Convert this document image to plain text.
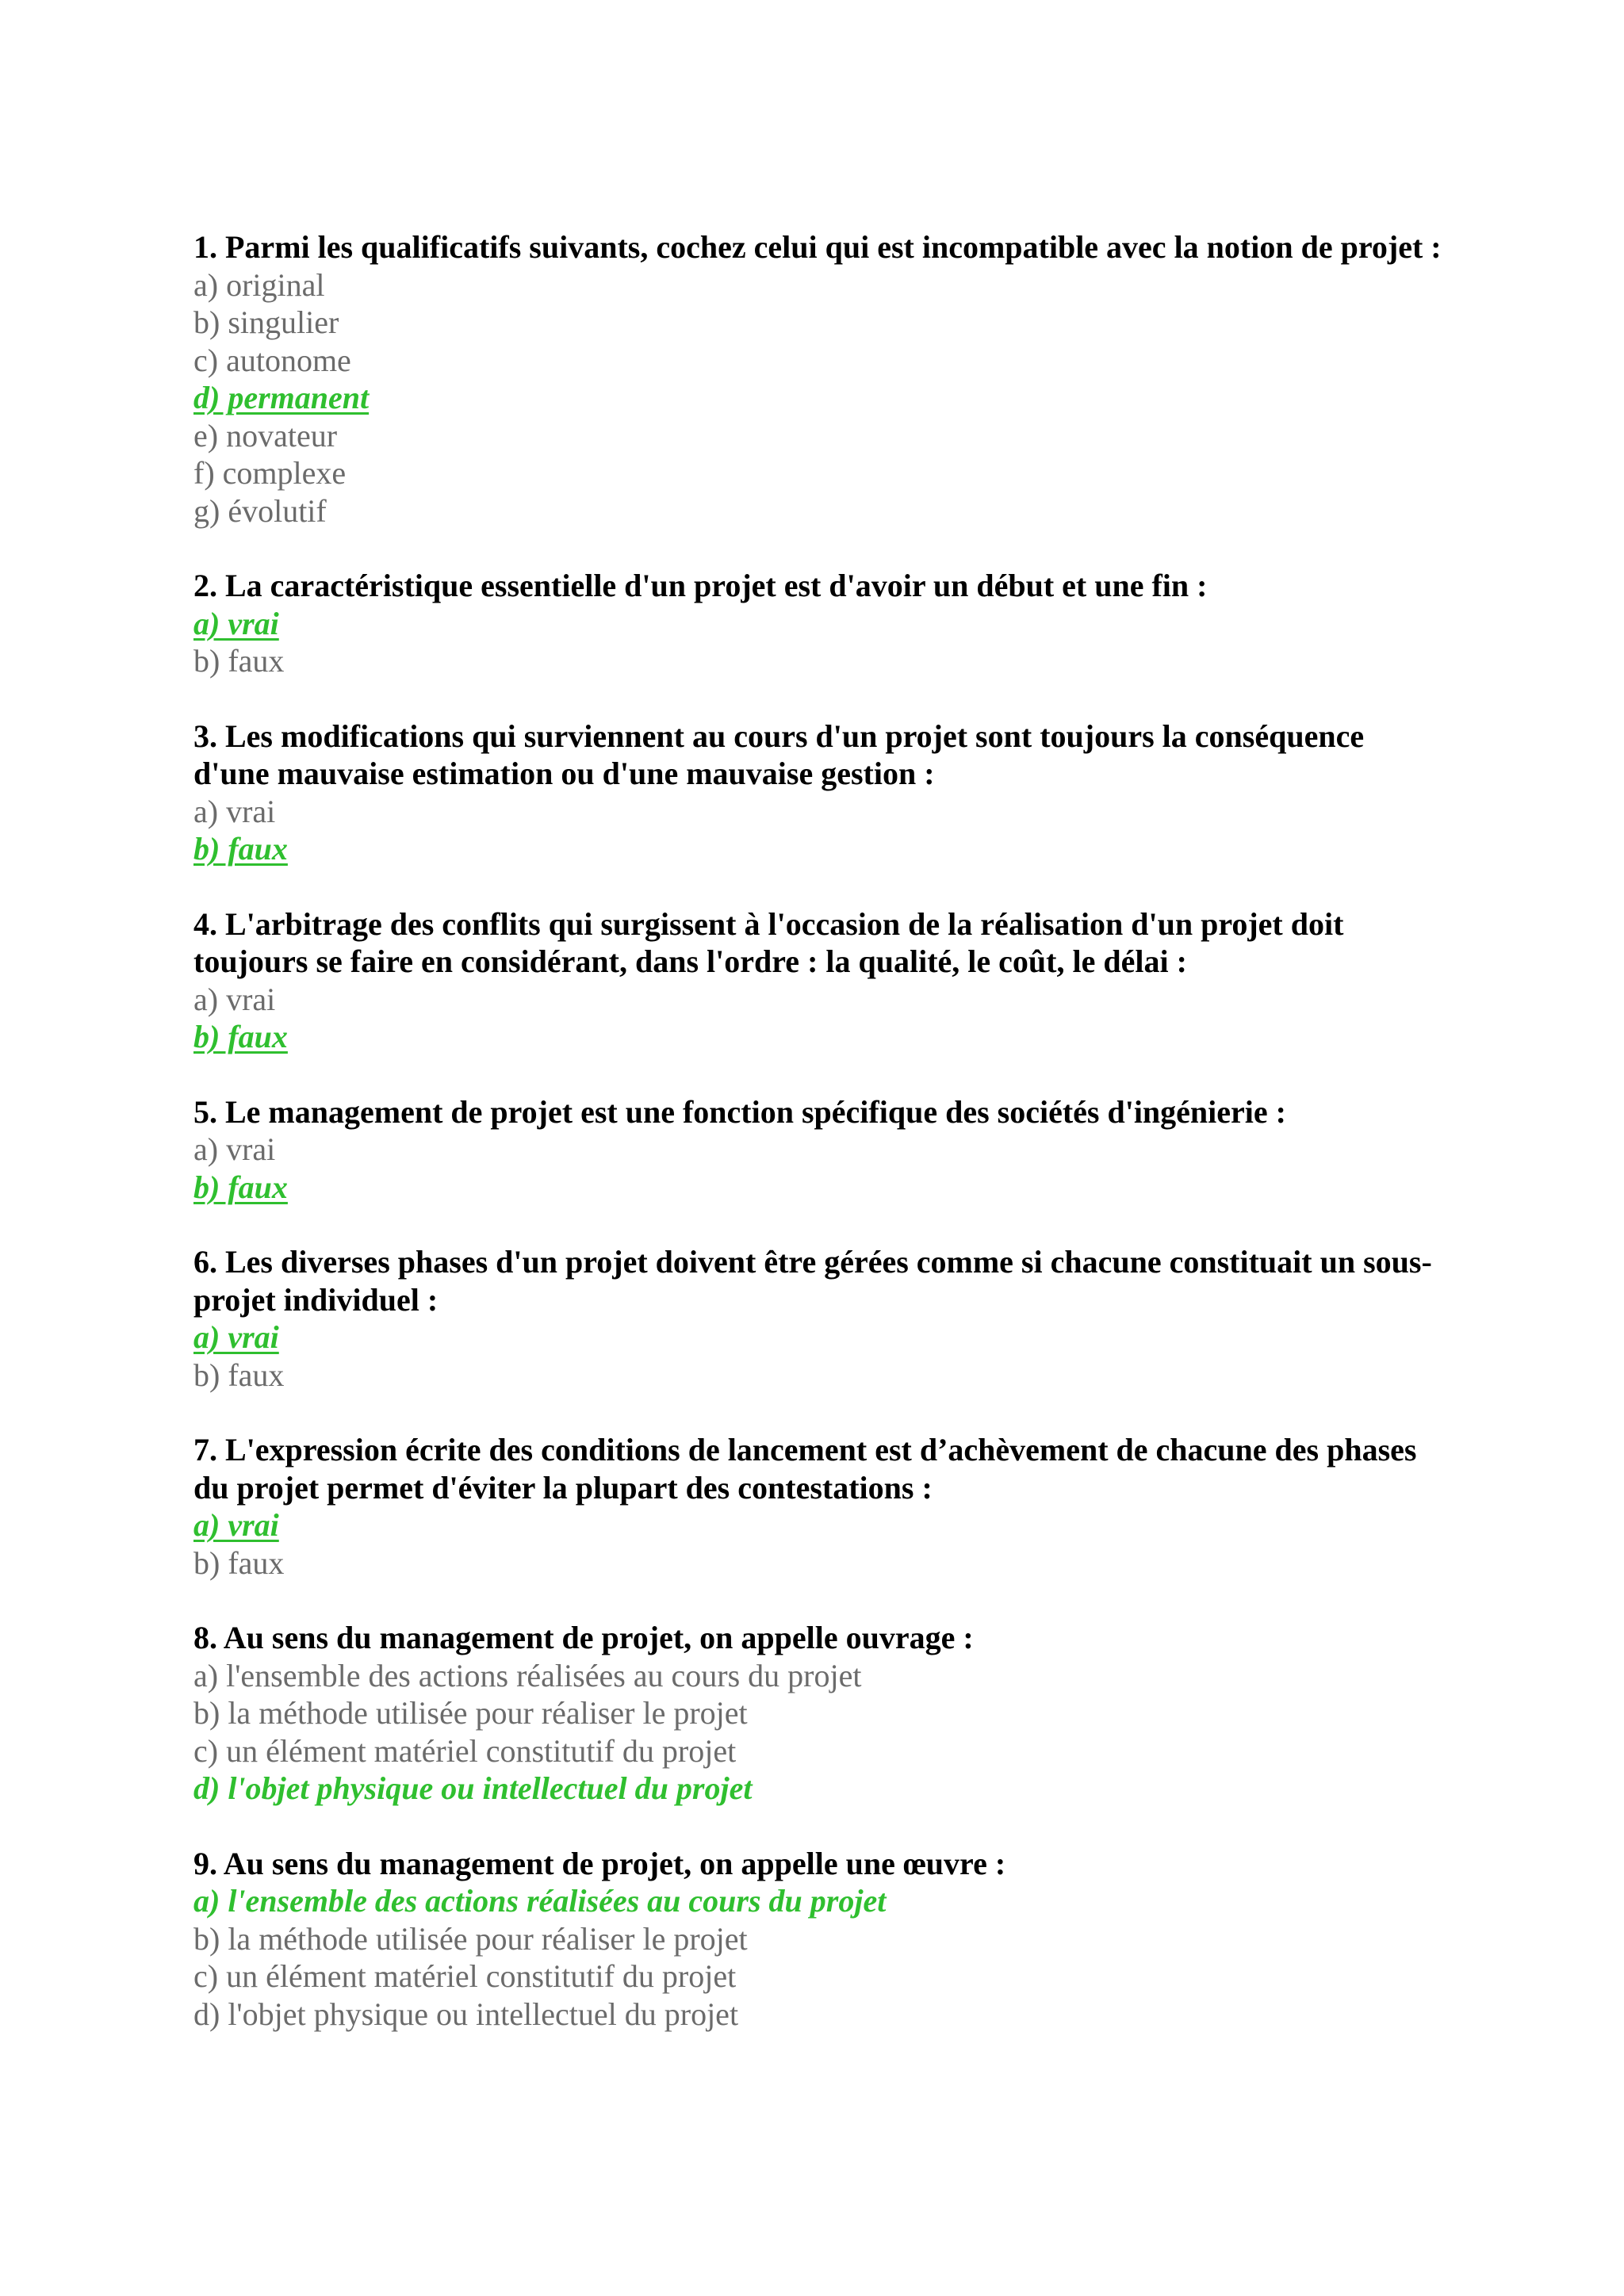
1. Parmi les qualificatifs suivants, cochez celui qui est incompatible avec la notion de projet :

a) original

b) singulier

c) autonome

d) permanent

e) novateur

f) complexe

g) évolutif

2. La caractéristique essentielle d'un projet est d'avoir un début et une fin :

a) vrai

b) faux

3. Les modifications qui surviennent au cours d'un projet sont toujours la conséquence d'une mauvaise estimation ou d'une mauvaise gestion :

a) vrai

b) faux

4. L'arbitrage des conflits qui surgissent à l'occasion de la réalisation d'un projet doit toujours se faire en considérant, dans l'ordre : la qualité, le coût, le délai :

a) vrai

b) faux

5. Le management de projet est une fonction spécifique des sociétés d'ingénierie :

a) vrai

b) faux

6. Les diverses phases d'un projet doivent être gérées comme si chacune constituait un sous-projet individuel :

a) vrai

b) faux

7. L'expression écrite des conditions de lancement est d’achèvement de chacune des phases du projet permet d'éviter la plupart des contestations :

a) vrai

b) faux

8. Au sens du management de projet, on appelle ouvrage :

a) l'ensemble des actions réalisées au cours du projet

b) la méthode utilisée pour réaliser le projet

c) un élément matériel constitutif du projet

d) l'objet physique ou intellectuel du projet

9. Au sens du management de projet, on appelle une œuvre :

a) l'ensemble des actions réalisées au cours du projet

b) la méthode utilisée pour réaliser le projet

c) un élément matériel constitutif du projet

d) l'objet physique ou intellectuel du projet
